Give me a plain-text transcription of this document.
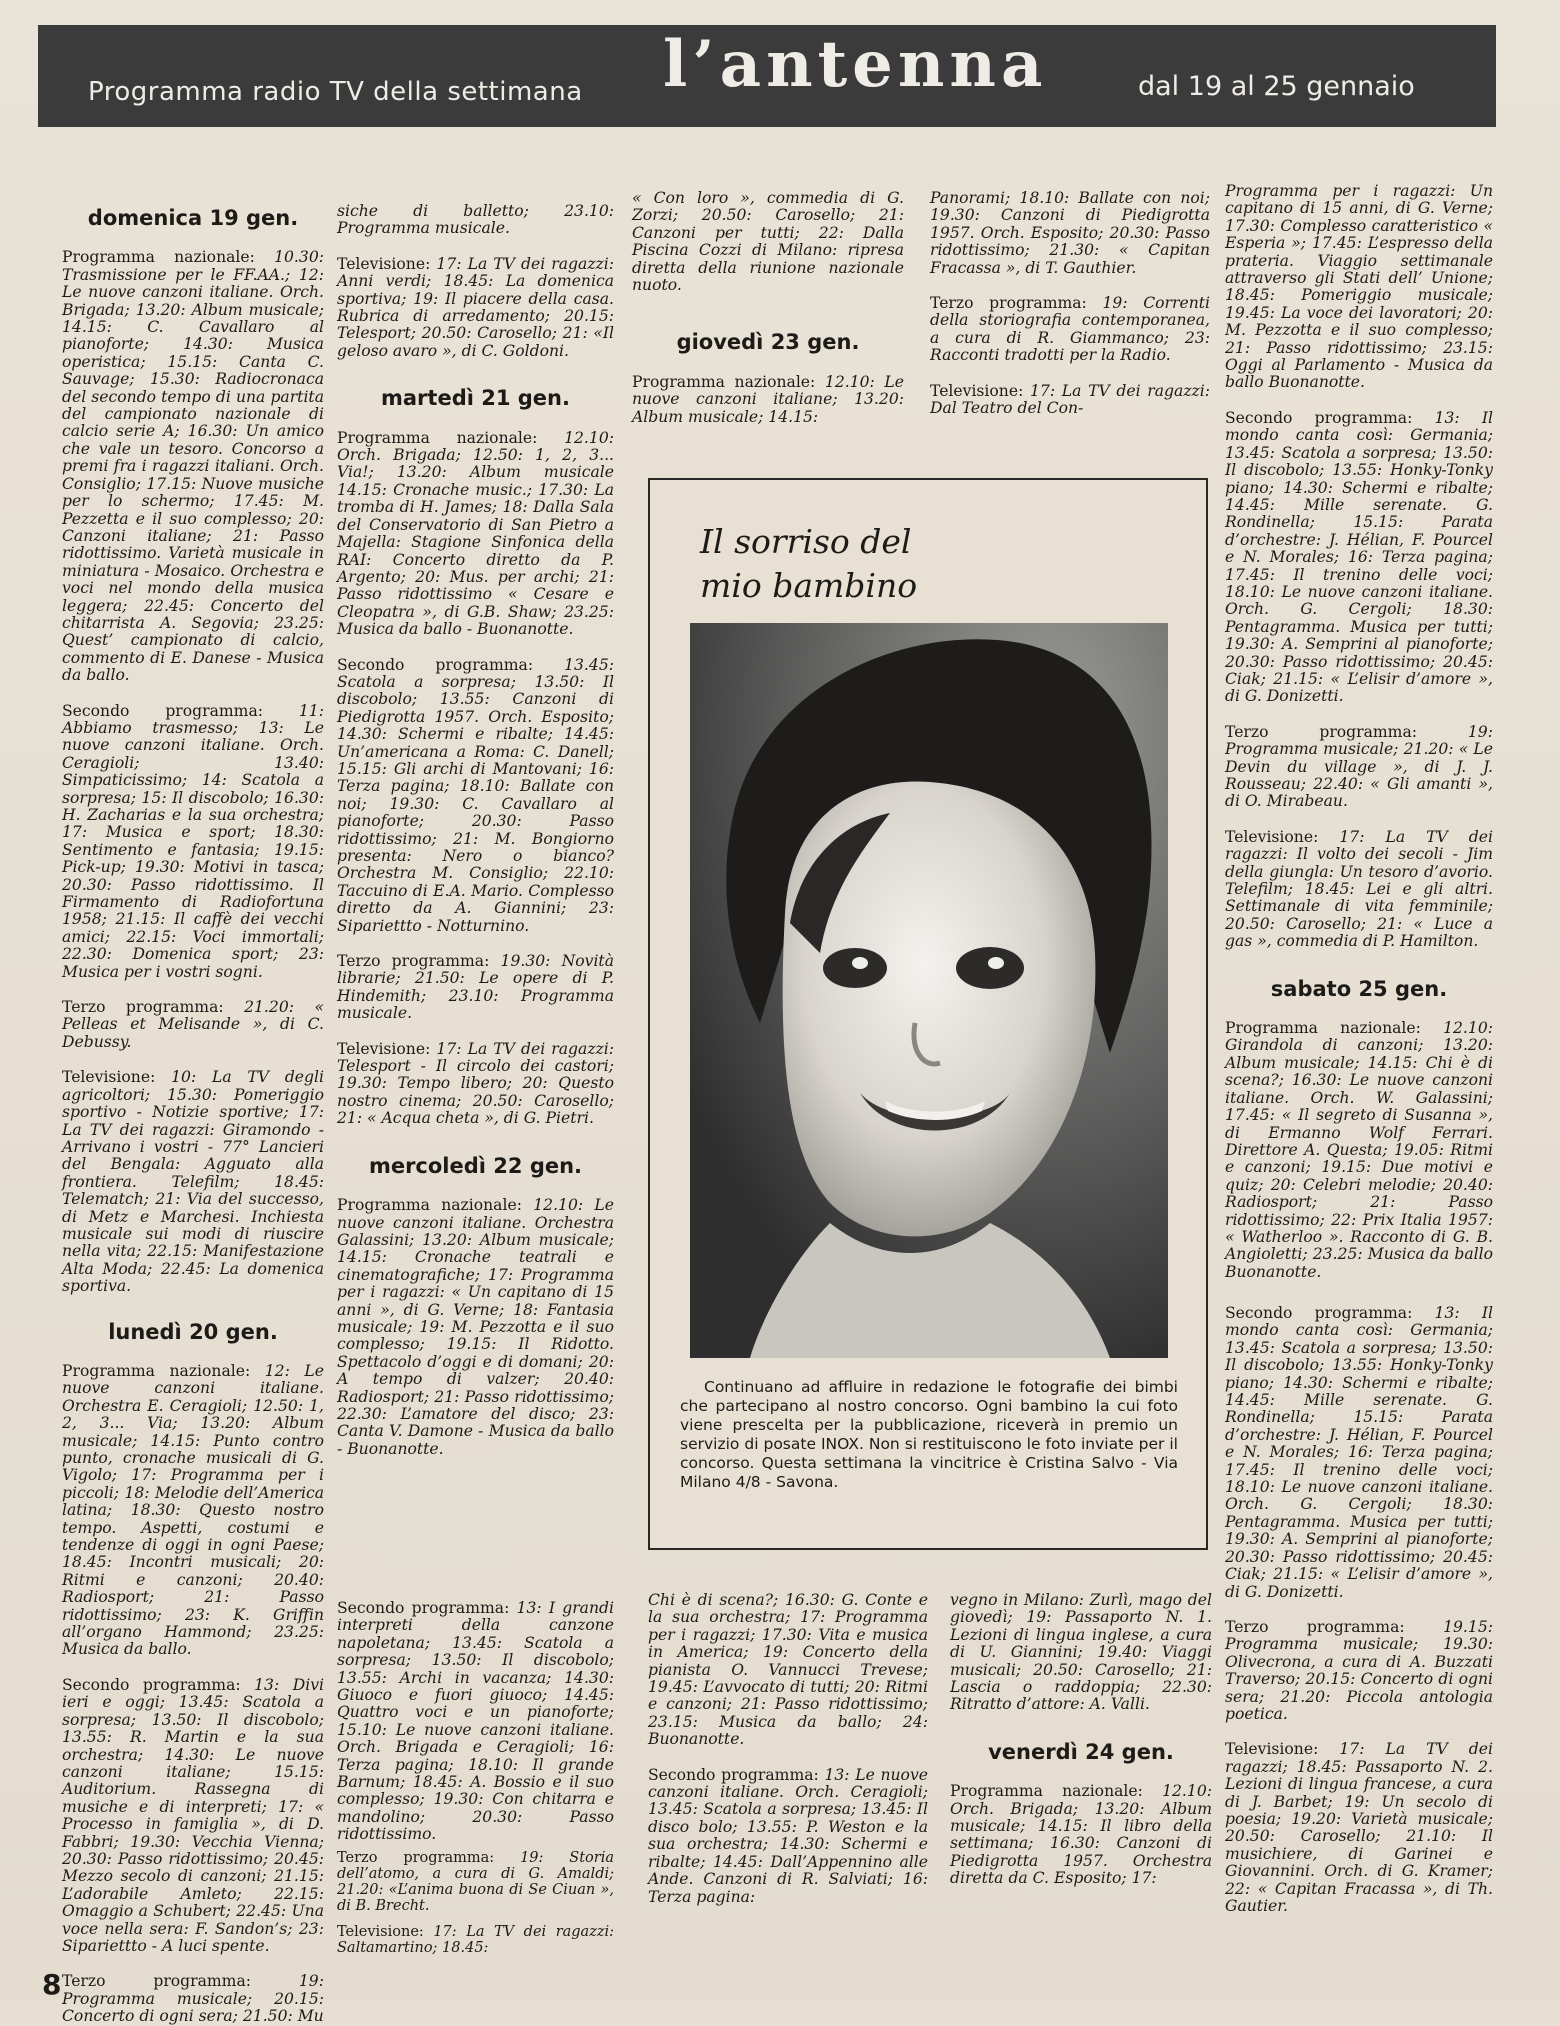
Programma radio TV della settimana l’antenna	dal 19 al 25 gennaio
domenica 19 gen.
Programma nazionale: 10.30: Trasmissione per le FF.AA.; 12: Le nuove canzoni italiane. Orch. Brigada; 13.20: Album musicale; 14.15: C. Cavallaro al pianoforte; 14.30: Musica operistica; 15.15: Canta C. Sauvage; 15.30: Radiocronaca del secondo tempo di una partita del campionato nazionale di calcio serie A; 16.30: Un amico che vale un tesoro. Concorso a premi fra i ragazzi italiani. Orch. Consiglio; 17.15: Nuove musiche per lo schermo; 17.45: M. Pezzetta e il suo complesso; 20: Canzoni italiane; 21: Passo ridottissimo. Varietà musicale in miniatura - Mosaico. Orchestra e voci nel mondo della musica leggera; 22.45: Concerto del chitarrista A. Segovia; 23.25: Quest’ campionato di calcio, commento di E. Danese - Musica da ballo.
Secondo programma: 11: Abbiamo trasmesso; 13: Le nuove canzoni italiane. Orch. Ceragioli; 13.40: Simpaticissimo; 14: Scatola a sorpresa; 15: Il discobolo; 16.30: H. Zacharias e la sua orchestra; 17: Musica e sport; 18.30: Sentimento e fantasia; 19.15: Pick-up; 19.30: Motivi in tasca; 20.30: Passo ridottissimo. Il Firmamento di Radiofortuna 1958; 21.15: Il caffè dei vecchi amici; 22.15: Voci immortali; 22.30: Domenica sport; 23: Musica per i vostri sogni.
Terzo programma: 21.20: « Pelleas et Melisande », di C. Debussy.
Televisione: 10: La TV degli agricoltori; 15.30: Pomeriggio sportivo - Notizie sportive; 17: La TV dei ragazzi: Giramondo - Arrivano i vostri - 77° Lancieri del Bengala: Agguato alla frontiera. Telefilm; 18.45: Telematch; 21: Via del successo, di Metz e Marchesi. Inchiesta musicale sui modi di riuscire nella vita; 22.15: Manifestazione Alta Moda; 22.45: La domenica sportiva.
lunedì 20 gen.
Programma nazionale: 12: Le nuove canzoni italiane. Orchestra E. Ceragioli; 12.50: 1, 2, 3... Via; 13.20: Album musicale; 14.15: Punto contro punto, cronache musicali di G. Vigolo; 17: Programma per i piccoli; 18: Melodie dell’America latina; 18.30: Questo nostro tempo. Aspetti, costumi e tendenze di oggi in ogni Paese; 18.45: Incontri musicali; 20: Ritmi e canzoni; 20.40: Radiosport; 21: Passo ridottissimo; 23: K. Griffin all’organo Hammond; 23.25: Musica da ballo.
Secondo programma: 13: Divi ieri e oggi; 13.45: Scatola a sorpresa; 13.50: Il discobolo; 13.55: R. Martin e la sua orchestra; 14.30: Le nuove canzoni italiane; 15.15: Auditorium. Rassegna di musiche e di interpreti; 17: « Processo in famiglia », di D. Fabbri; 19.30: Vecchia Vienna; 20.30: Passo ridottissimo; 20.45: Mezzo secolo di canzoni; 21.15: L’adorabile Amleto; 22.15: Omaggio a Schubert; 22.45: Una voce nella sera: F. Sandon’s; 23: Sipariettto - A luci spente.
Terzo programma:	19: Programma musicale; 20.15: Concerto di ogni sera; 21.50: Mu
siche di balletto; 23.10: Programma musicale.
Televisione: 17: La TV dei ragazzi: Anni verdi; 18.45: La domenica sportiva; 19: Il piacere della casa. Rubrica di arredamento; 20.15: Telesport; 20.50: Carosello; 21: «Il geloso avaro », di C. Goldoni.
martedì 21 gen.
Programma nazionale: 12.10: Orch. Brigada; 12.50: 1, 2, 3... Via!; 13.20: Album musicale 14.15: Cronache music.; 17.30: La tromba di H. James; 18: Dalla Sala del Conservatorio di San Pietro a Majella: Stagione Sinfonica della RAI: Concerto diretto da P. Argento; 20: Mus. per archi; 21: Passo ridottissimo « Cesare e Cleopatra », di G.B. Shaw; 23.25: Musica da ballo - Buonanotte.
Secondo programma: 13.45: Scatola a sorpresa; 13.50: Il discobolo; 13.55: Canzoni di Piedigrotta 1957. Orch. Esposito; 14.30: Schermi e ribalte; 14.45: Un’americana a Roma: C. Danell; 15.15: Gli archi di Mantovani; 16: Terza pagina; 18.10: Ballate con noi; 19.30: C. Cavallaro al pianoforte; 20.30: Passo ridottissimo; 21: M. Bongiorno presenta: Nero o bianco? Orchestra M. Consiglio; 22.10: Taccuino di E.A. Mario. Complesso diretto da A. Giannini; 23: Sipariettto - Notturnino.
Terzo programma: 19.30: Novità librarie; 21.50: Le opere di P. Hindemith; 23.10: Programma musicale.
Televisione: 17: La TV dei ragazzi: Telesport - Il circolo dei castori; 19.30: Tempo libero; 20: Questo nostro cinema; 20.50: Carosello; 21: « Acqua cheta », di G. Pietri.
mercoledì 22 gen.
Programma nazionale: 12.10: Le nuove canzoni italiane. Orchestra Galassini; 13.20: Album musicale; 14.15: Cronache teatrali e cinematografiche; 17: Programma per i ragazzi: « Un capitano di 15 anni », di G. Verne; 18: Fantasia musicale; 19: M. Pezzotta e il suo complesso; 19.15: Il Ridotto. Spettacolo d’oggi e di domani; 20: A tempo di valzer; 20.40: Radiosport; 21: Passo ridottissimo; 22.30: L’amatore del disco; 23: Canta V. Damone - Musica da ballo - Buonanotte.
Secondo programma: 13: I grandi interpreti della canzone napoletana; 13.45: Scatola a sorpresa; 13.50: Il discobolo; 13.55: Archi in vacanza; 14.30: Giuoco e fuori giuoco; 14.45: Quattro voci e un pianoforte; 15.10: Le nuove canzoni italiane. Orch. Brigada e Ceragioli; 16: Terza pagina; 18.10: Il grande Barnum; 18.45: A. Bossio e il suo complesso; 19.30: Con chitarra e mandolino; 20.30: Passo ridottissimo.
Terzo programma: 19: Storia dell’atomo, a cura di G. Amaldi; 21.20: «L’anima buona di Se Ciuan », di B. Brecht.
Televisione: 17: La TV dei ragazzi: Saltamartino; 18.45:
« Con loro », commedia di G. Zorzi; 20.50: Carosello; 21: Canzoni per tutti; 22: Dalla Piscina Cozzi di Milano: ripresa diretta della riunione nazionale nuoto.
giovedì 23 gen.
Programma nazionale: 12.10: Le nuove canzoni italiane; 13.20: Album musicale; 14.15:
Panorami; 18.10: Ballate con noi; 19.30: Canzoni di Piedigrotta 1957. Orch. Esposito; 20.30: Passo ridottissimo; 21.30: « Capitan Fracassa », di T. Gauthier.
Terzo programma: 19: Correnti della storiografia contemporanea, a cura di R. Giammanco; 23: Racconti tradotti per la Radio.
Televisione: 17: La TV dei ragazzi: Dal Teatro del Con-
Il sorriso del mio bambino
Continuano ad affluire in redazione le fotografie dei bimbi che partecipano al nostro concorso. Ogni bambino la cui foto viene prescelta per la pubblicazione, riceverà in premio un servizio di posate INOX. Non si restituiscono le foto inviate per il concorso. Questa settimana la vincitrice è Cristina Salvo - Via Milano 4/8 - Savona.
Chi è di scena?; 16.30: G. Conte e la sua orchestra; 17: Programma per i ragazzi; 17.30: Vita e musica in America; 19: Concerto della pianista O. Vannucci Trevese; 19.45: L’avvocato di tutti; 20: Ritmi e canzoni; 21: Passo ridottissimo; 23.15: Musica da ballo; 24: Buonanotte.
Secondo programma: 13: Le nuove canzoni italiane. Orch. Ceragioli; 13.45: Scatola a sorpresa; 13.45: Il disco bolo; 13.55: P. Weston e la sua orchestra; 14.30: Schermi e ribalte; 14.45: Dall’Appennino alle Ande. Canzoni di R. Salviati; 16: Terza pagina:
vegno in Milano: Zurlì, mago del giovedì; 19: Passaporto N. 1. Lezioni di lingua inglese, a cura di U. Giannini; 19.40: Viaggi musicali; 20.50: Carosello; 21: Lascia o raddoppia; 22.30: Ritratto d’attore: A. Valli.
venerdì 24 gen.
Programma nazionale: 12.10: Orch. Brigada; 13.20: Album musicale; 14.15: Il libro della settimana; 16.30: Canzoni di Piedigrotta 1957. Orchestra diretta da C. Esposito; 17:
Programma per i ragazzi: Un capitano di 15 anni, di G. Verne; 17.30: Complesso caratteristico « Esperia »; 17.45: L’espresso della prateria. Viaggio settimanale attraverso gli Stati dell’ Unione; 18.45: Pomeriggio musicale; 19.45: La voce dei lavoratori; 20: M. Pezzotta e il suo complesso; 21: Passo ridottissimo; 23.15: Oggi al Parlamento - Musica da ballo Buonanotte.
Secondo programma: 13: Il mondo canta così: Germania; 13.45: Scatola a sorpresa; 13.50: Il discobolo; 13.55: Honky-Tonky piano; 14.30: Schermi e ribalte; 14.45: Mille serenate. G. Rondinella; 15.15: Parata d’orchestre: J. Hélian, F. Pourcel e N. Morales; 16: Terza pagina; 17.45: Il trenino delle voci; 18.10: Le nuove canzoni italiane. Orch. G. Cergoli; 18.30: Pentagramma. Musica per tutti; 19.30: A. Semprini al pianoforte; 20.30: Passo ridottissimo; 20.45: Ciak; 21.15: « L’elisir d’amore », di G. Donizetti.
Terzo programma:	19: Programma musicale; 21.20: « Le Devin du village », di J. J. Rousseau; 22.40: « Gli amanti », di O. Mirabeau.
Televisione: 17: La TV dei ragazzi: Il volto dei secoli - Jim della giungla: Un tesoro d’avorio. Telefilm; 18.45: Lei e gli altri. Settimanale di vita femminile; 20.50: Carosello; 21: « Luce a gas », commedia di P. Hamilton.
sabato 25 gen.
Programma nazionale: 12.10: Girandola di canzoni; 13.20: Album musicale; 14.15: Chi è di scena?; 16.30: Le nuove canzoni italiane. Orch. W. Galassini; 17.45: « Il segreto di Susanna », di Ermanno Wolf Ferrari. Direttore A. Questa; 19.05: Ritmi e canzoni; 19.15: Due motivi e quiz; 20: Celebri melodie; 20.40: Radiosport; 21: Passo ridottissimo; 22: Prix Italia 1957: « Watherloo ». Racconto di G. B. Angioletti; 23.25: Musica da ballo Buonanotte.
Secondo programma: 13: Il mondo canta così: Germania; 13.45: Scatola a sorpresa; 13.50: Il discobolo; 13.55: Honky-Tonky piano; 14.30: Schermi e ribalte; 14.45: Mille serenate. G. Rondinella; 15.15: Parata d’orchestre: J. Hélian, F. Pourcel e N. Morales; 16: Terza pagina; 17.45: Il trenino delle voci; 18.10: Le nuove canzoni italiane. Orch. G. Cergoli; 18.30: Pentagramma. Musica per tutti; 19.30: A. Semprini al pianoforte; 20.30: Passo ridottissimo; 20.45: Ciak; 21.15: « L’elisir d’amore », di G. Donizetti.
Terzo programma: 19.15: Programma musicale; 19.30: Olivecrona, a cura di A. Buzzati Traverso; 20.15: Concerto di ogni sera; 21.20: Piccola antologia poetica.
Televisione: 17: La TV dei ragazzi; 18.45: Passaporto N. 2. Lezioni di lingua francese, a cura di J. Barbet; 19: Un secolo di poesia; 19.20: Varietà musicale; 20.50: Carosello; 21.10: Il musichiere, di Garinei e Giovannini. Orch. di G. Kramer; 22: « Capitan Fracassa », di Th. Gautier.
8
